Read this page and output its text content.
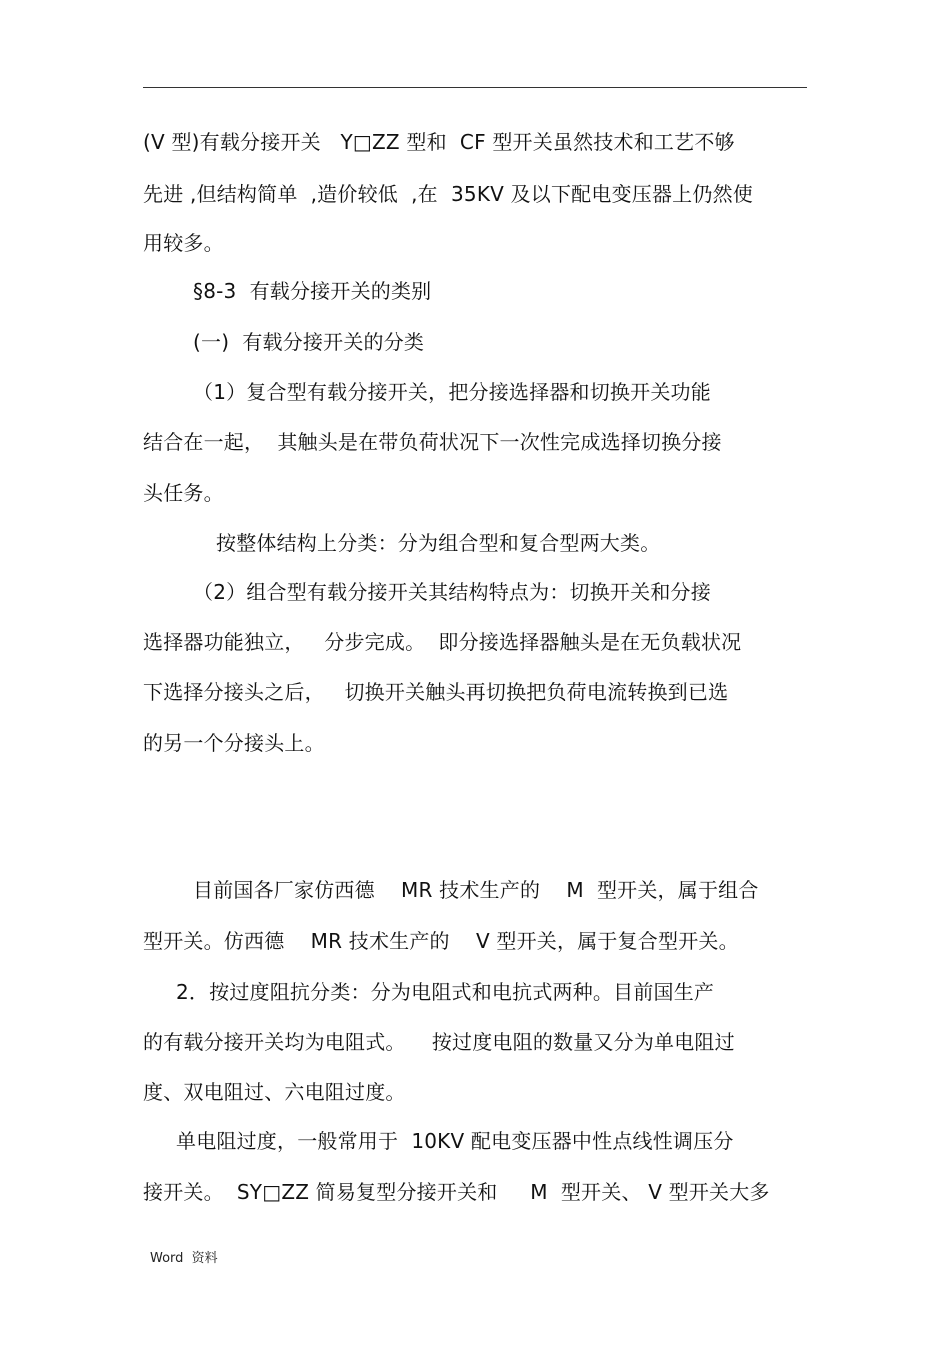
(V 型)有载分接开关   Y□ZZ 型和  CF 型开关虽然技术和工艺不够
先进 ,但结构简单  ,造价较低  ,在  35KV 及以下配电变压器上仍然使
用较多。
§8-3  有载分接开关的类别
(一)  有载分接开关的分类
（1）复合型有载分接开关，把分接选择器和切换开关功能
结合在一起，  其触头是在带负荷状况下一次性完成选择切换分接
头任务。
按整体结构上分类：分为组合型和复合型两大类。
（2）组合型有载分接开关其结构特点为：切换开关和分接
选择器功能独立，   分步完成。  即分接选择器触头是在无负载状况
下选择分接头之后，   切换开关触头再切换把负荷电流转换到已选
的另一个分接头上。
目前国各厂家仿西德    MR 技术生产的    M  型开关，属于组合
型开关。仿西德    MR 技术生产的    V 型开关，属于复合型开关。
2．按过度阻抗分类：分为电阻式和电抗式两种。目前国生产
的有载分接开关均为电阻式。    按过度电阻的数量又分为单电阻过
度、双电阻过、六电阻过度。
单电阻过度，一般常用于  10KV 配电变压器中性点线性调压分
接开关。  SY□ZZ 简易复型分接开关和     M  型开关、 V 型开关大多
Word  资料
